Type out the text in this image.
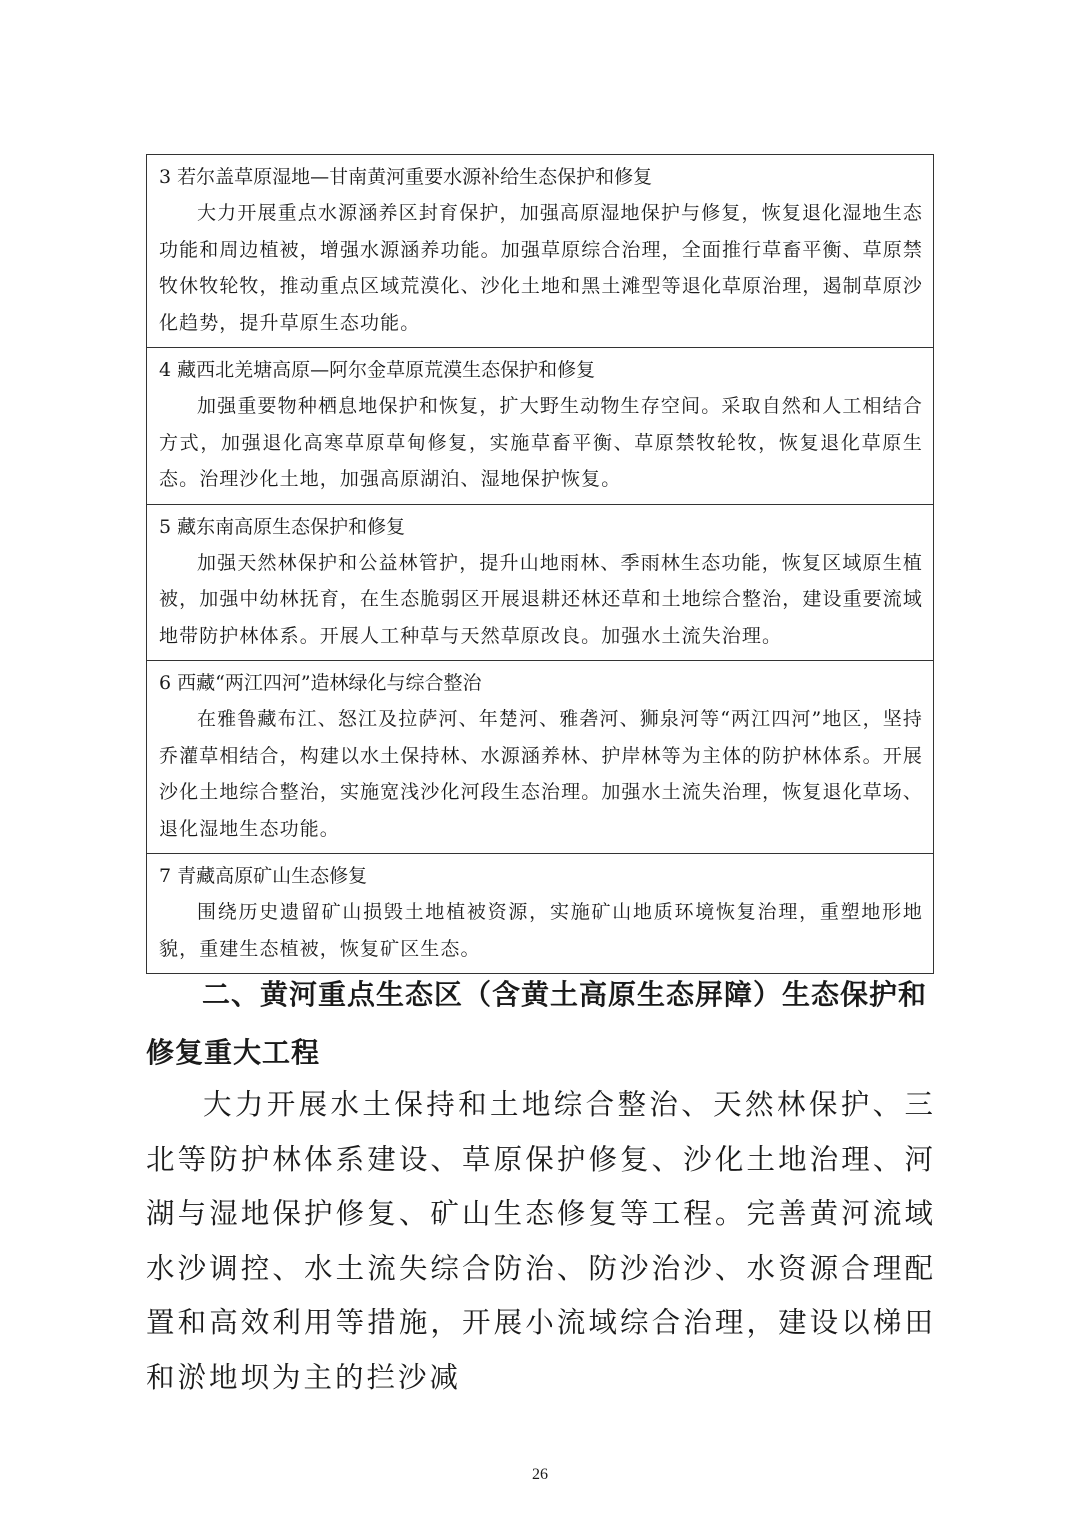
3 若尔盖草原湿地—甘南黄河重要水源补给生态保护和修复
大力开展重点水源涵养区封育保护，加强高原湿地保护与修复，恢复退化湿地生态功能和周边植被，增强水源涵养功能。加强草原综合治理，全面推行草畜平衡、草原禁牧休牧轮牧，推动重点区域荒漠化、沙化土地和黑土滩型等退化草原治理，遏制草原沙化趋势，提升草原生态功能。
4 藏西北羌塘高原—阿尔金草原荒漠生态保护和修复
加强重要物种栖息地保护和恢复，扩大野生动物生存空间。采取自然和人工相结合方式，加强退化高寒草原草甸修复，实施草畜平衡、草原禁牧轮牧，恢复退化草原生态。治理沙化土地，加强高原湖泊、湿地保护恢复。
5 藏东南高原生态保护和修复
加强天然林保护和公益林管护，提升山地雨林、季雨林生态功能，恢复区域原生植被，加强中幼林抚育，在生态脆弱区开展退耕还林还草和土地综合整治，建设重要流域地带防护林体系。开展人工种草与天然草原改良。加强水土流失治理。
6 西藏“两江四河”造林绿化与综合整治
在雅鲁藏布江、怒江及拉萨河、年楚河、雅砻河、狮泉河等“两江四河”地区，坚持乔灌草相结合，构建以水土保持林、水源涵养林、护岸林等为主体的防护林体系。开展沙化土地综合整治，实施宽浅沙化河段生态治理。加强水土流失治理，恢复退化草场、退化湿地生态功能。
7 青藏高原矿山生态修复
围绕历史遗留矿山损毁土地植被资源，实施矿山地质环境恢复治理，重塑地形地貌，重建生态植被，恢复矿区生态。
二、黄河重点生态区（含黄土高原生态屏障）生态保护和修复重大工程
大力开展水土保持和土地综合整治、天然林保护、三北等防护林体系建设、草原保护修复、沙化土地治理、河湖与湿地保护修复、矿山生态修复等工程。完善黄河流域水沙调控、水土流失综合防治、防沙治沙、水资源合理配置和高效利用等措施，开展小流域综合治理，建设以梯田和淤地坝为主的拦沙减
26
